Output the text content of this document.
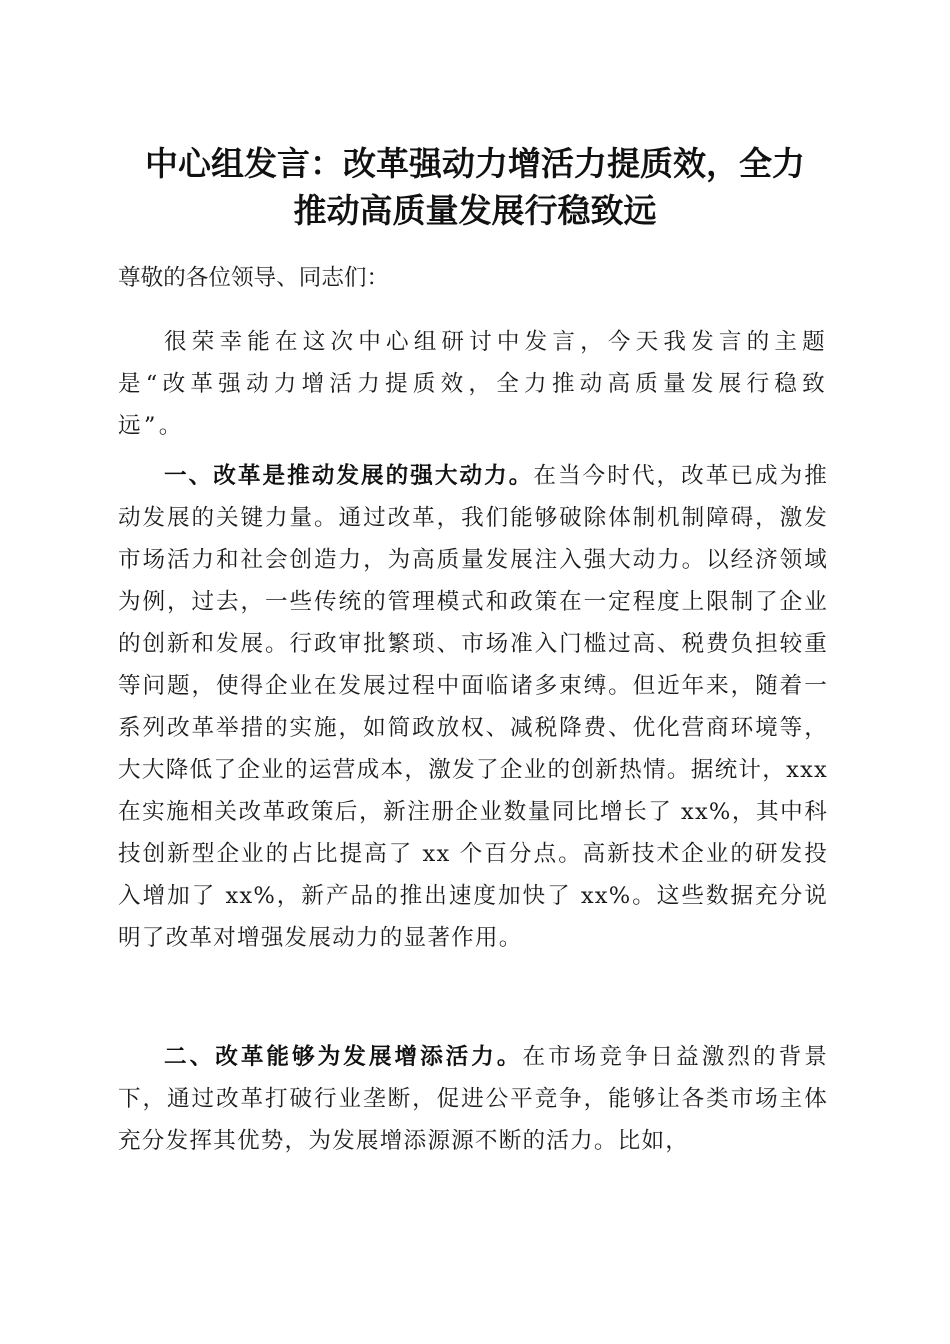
中心组发言：改革强动力增活力提质效，全力
推动高质量发展行稳致远
尊敬的各位领导、同志们：
很荣幸能在这次中心组研讨中发言，今天我发言的主题是“改革强动力增活力提质效，全力推动高质量发展行稳致远”。
一、改革是推动发展的强大动力。在当今时代，改革已成为推动发展的关键力量。通过改革，我们能够破除体制机制障碍，激发市场活力和社会创造力，为高质量发展注入强大动力。以经济领域为例，过去，一些传统的管理模式和政策在一定程度上限制了企业的创新和发展。行政审批繁琐、市场准入门槛过高、税费负担较重等问题，使得企业在发展过程中面临诸多束缚。但近年来，随着一系列改革举措的实施，如简政放权、减税降费、优化营商环境等，大大降低了企业的运营成本，激发了企业的创新热情。据统计，xxx 在实施相关改革政策后，新注册企业数量同比增长了 xx%，其中科技创新型企业的占比提高了 xx 个百分点。高新技术企业的研发投入增加了 xx%，新产品的推出速度加快了 xx%。这些数据充分说明了改革对增强发展动力的显著作用。
二、改革能够为发展增添活力。在市场竞争日益激烈的背景下，通过改革打破行业垄断，促进公平竞争，能够让各类市场主体充分发挥其优势，为发展增添源源不断的活力。比如，
